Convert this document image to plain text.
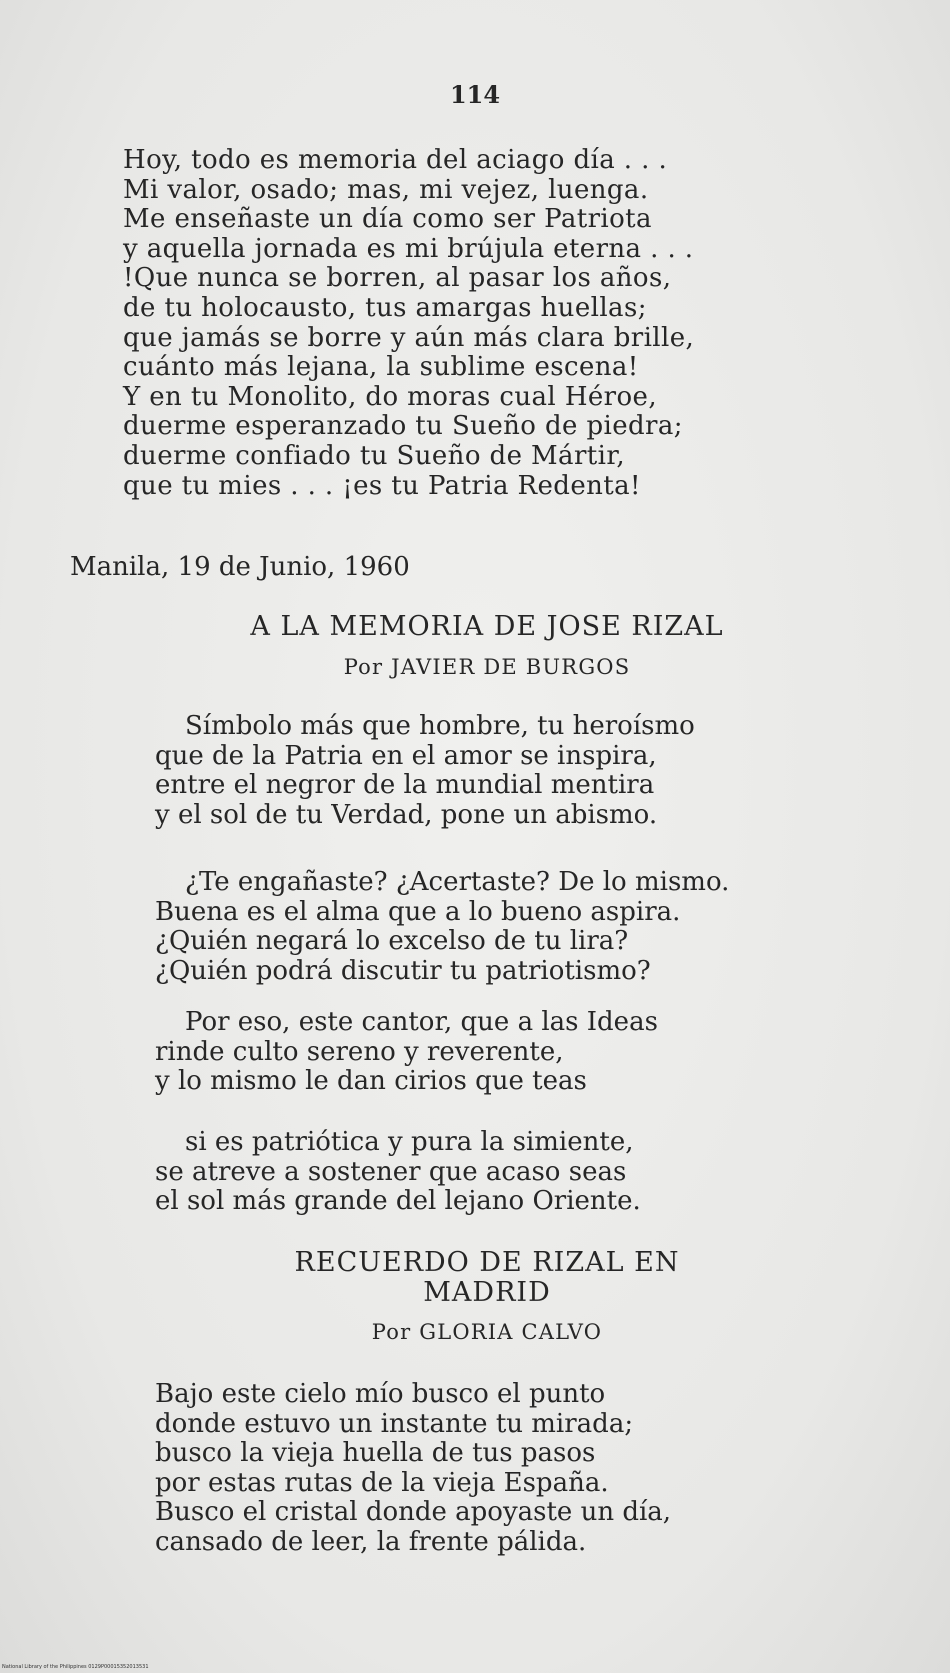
114
Hoy, todo es memoria del aciago día . . .
Mi valor, osado; mas, mi vejez, luenga.
Me enseñaste un día como ser Patriota
y aquella jornada es mi brújula eterna . . .
!Que nunca se borren, al pasar los años,
de tu holocausto, tus amargas huellas;
que jamás se borre y aún más clara brille,
cuánto más lejana, la sublime escena!
Y en tu Monolito, do moras cual Héroe,
duerme esperanzado tu Sueño de piedra;
duerme confiado tu Sueño de Mártir,
que tu mies . . . ¡es tu Patria Redenta!
Manila, 19 de Junio, 1960
A LA MEMORIA DE JOSE RIZAL
Por JAVIER DE BURGOS
Símbolo más que hombre, tu heroísmo
que de la Patria en el amor se inspira,
entre el negror de la mundial mentira
y el sol de tu Verdad, pone un abismo.
¿Te engañaste? ¿Acertaste? De lo mismo.
Buena es el alma que a lo bueno aspira.
¿Quién negará lo excelso de tu lira?
¿Quién podrá discutir tu patriotismo?
Por eso, este cantor, que a las Ideas
rinde culto sereno y reverente,
y lo mismo le dan cirios que teas
si es patriótica y pura la simiente,
se atreve a sostener que acaso seas
el sol más grande del lejano Oriente.
RECUERDO DE RIZAL EN
MADRID
Por GLORIA CALVO
Bajo este cielo mío busco el punto
donde estuvo un instante tu mirada;
busco la vieja huella de tus pasos
por estas rutas de la vieja España.
Busco el cristal donde apoyaste un día,
cansado de leer, la frente pálida.
National Library of the Philippines 0129P00015352013531
